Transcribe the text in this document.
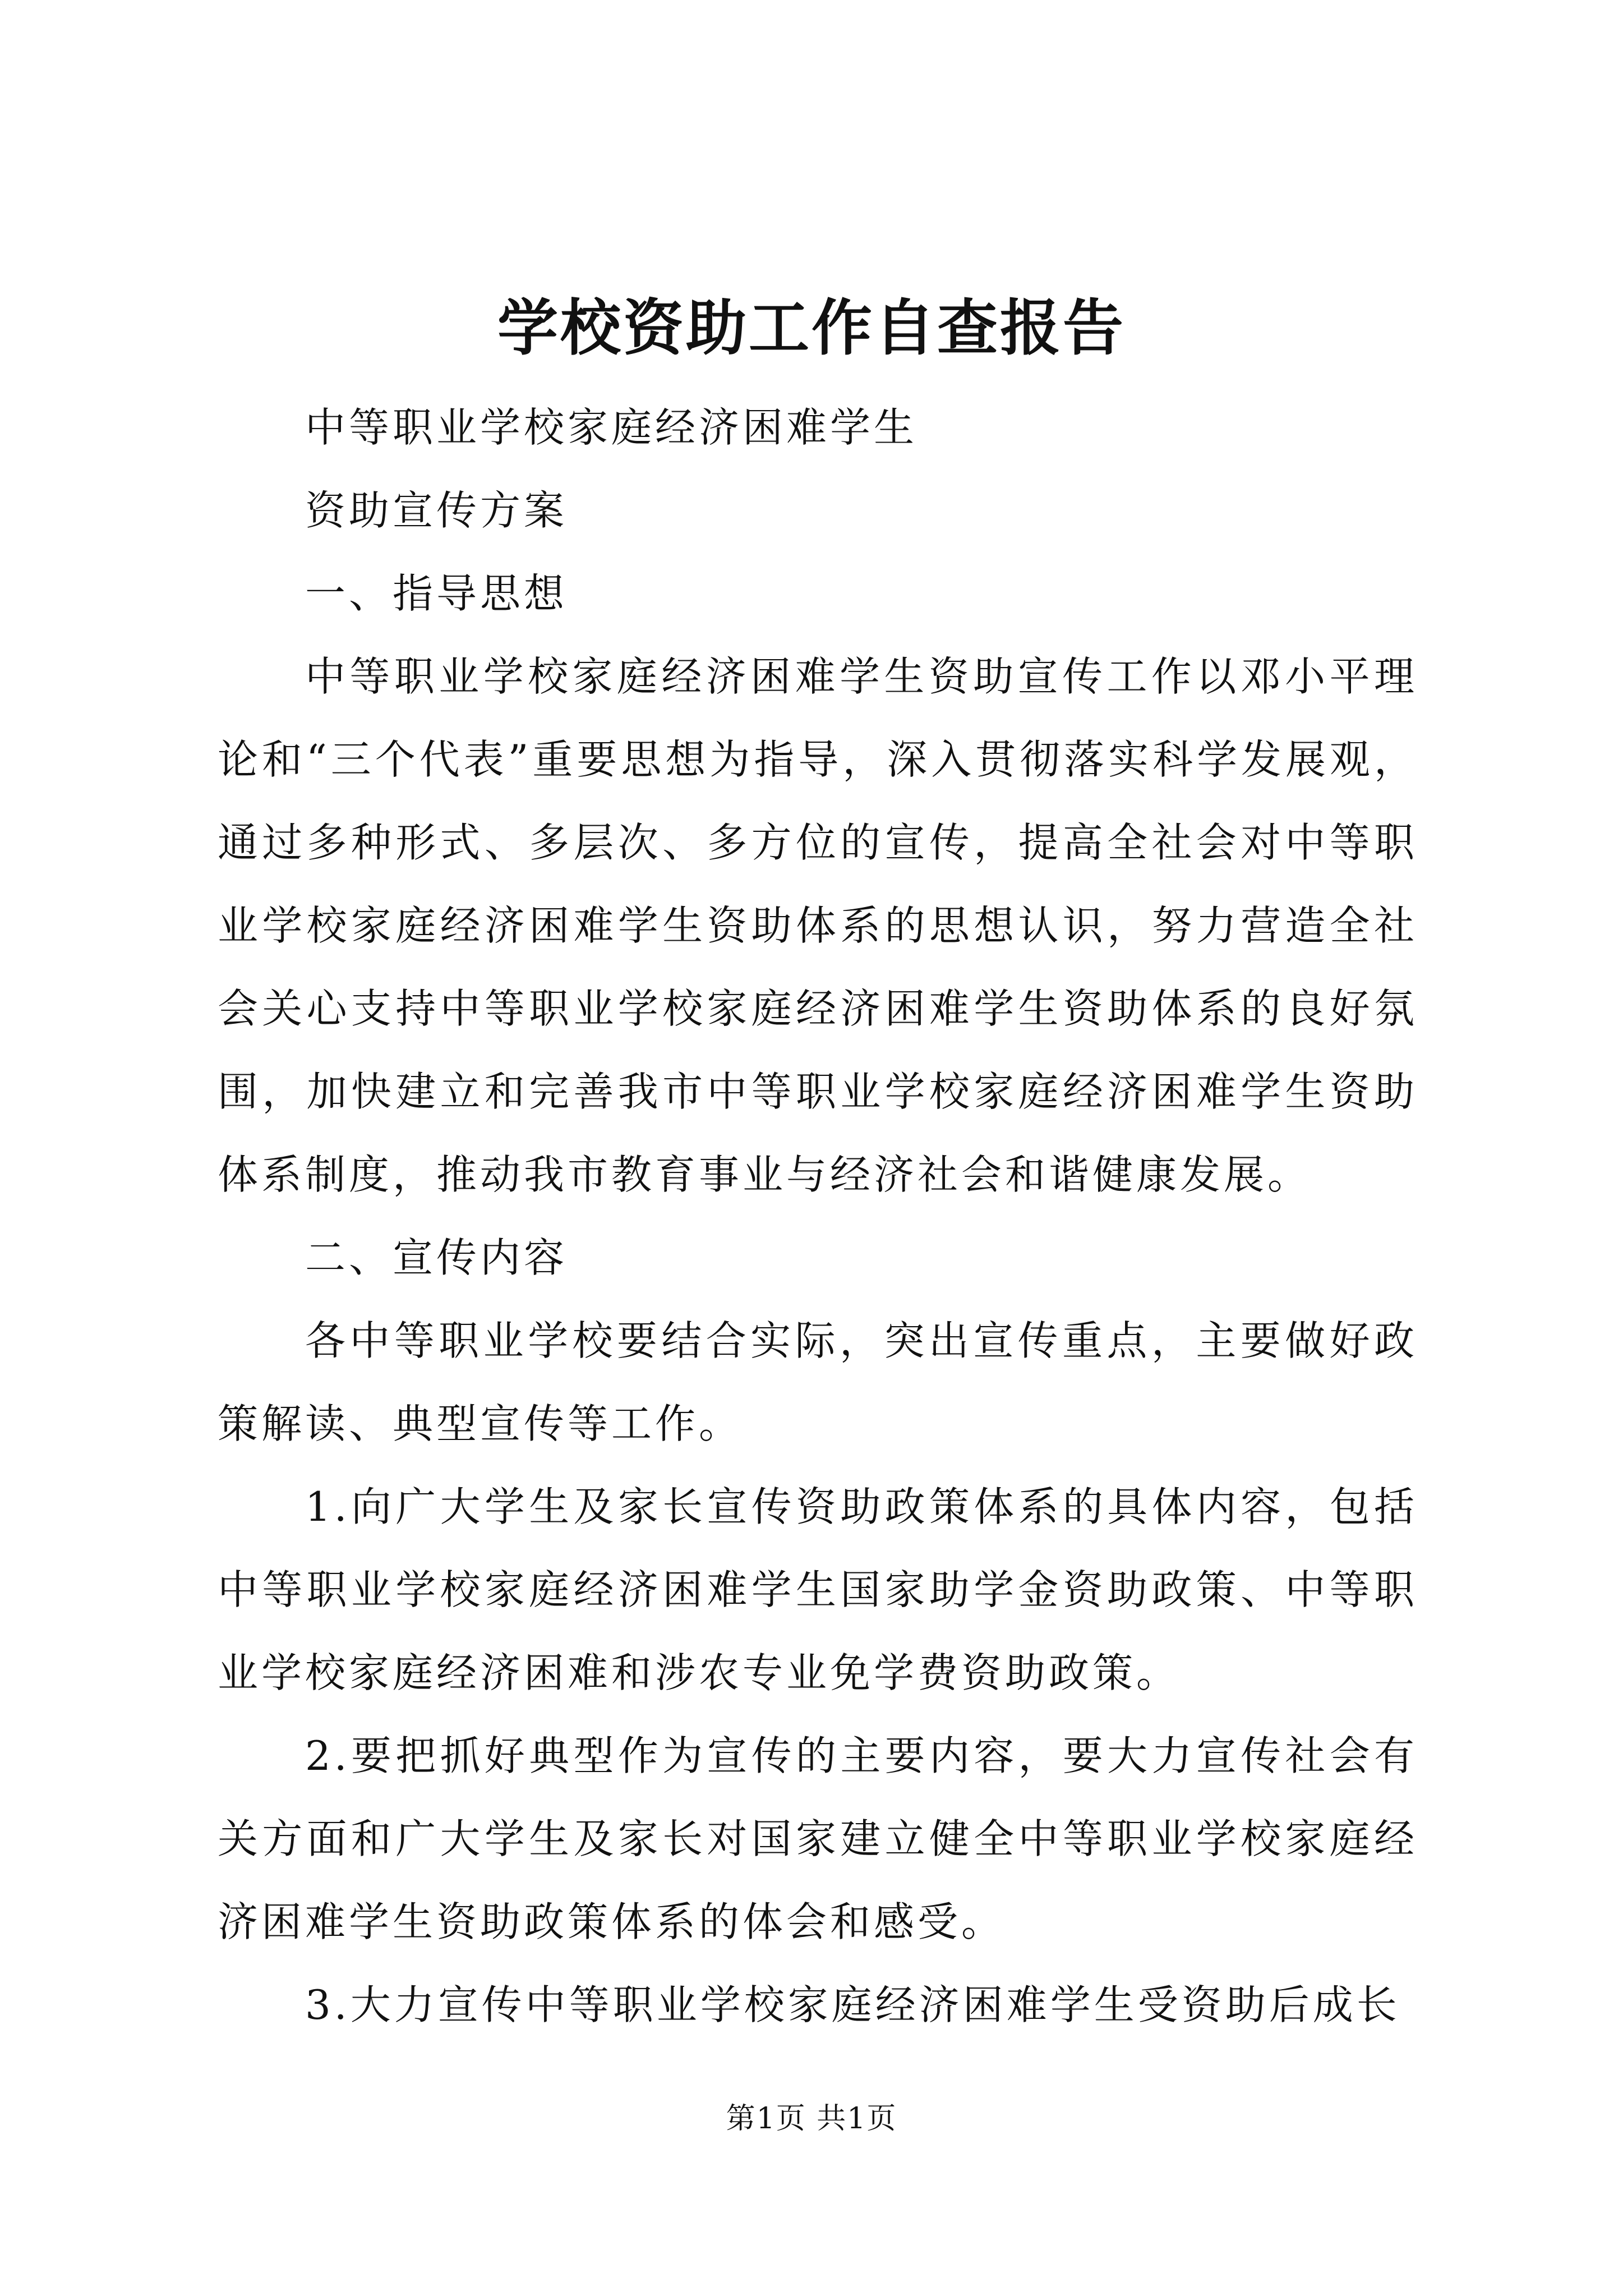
学校资助工作自查报告

中等职业学校家庭经济困难学生

资助宣传方案

一、指导思想

中等职业学校家庭经济困难学生资助宣传工作以邓小平理论和“三个代表”重要思想为指导，深入贯彻落实科学发展观，通过多种形式、多层次、多方位的宣传，提高全社会对中等职业学校家庭经济困难学生资助体系的思想认识，努力营造全社会关心支持中等职业学校家庭经济困难学生资助体系的良好氛围，加快建立和完善我市中等职业学校家庭经济困难学生资助体系制度，推动我市教育事业与经济社会和谐健康发展。

二、宣传内容

各中等职业学校要结合实际，突出宣传重点，主要做好政策解读、典型宣传等工作。

1.向广大学生及家长宣传资助政策体系的具体内容，包括中等职业学校家庭经济困难学生国家助学金资助政策、中等职业学校家庭经济困难和涉农专业免学费资助政策。

2.要把抓好典型作为宣传的主要内容，要大力宣传社会有关方面和广大学生及家长对国家建立健全中等职业学校家庭经济困难学生资助政策体系的体会和感受。

3.大力宣传中等职业学校家庭经济困难学生受资助后成长

第1页 共1页
